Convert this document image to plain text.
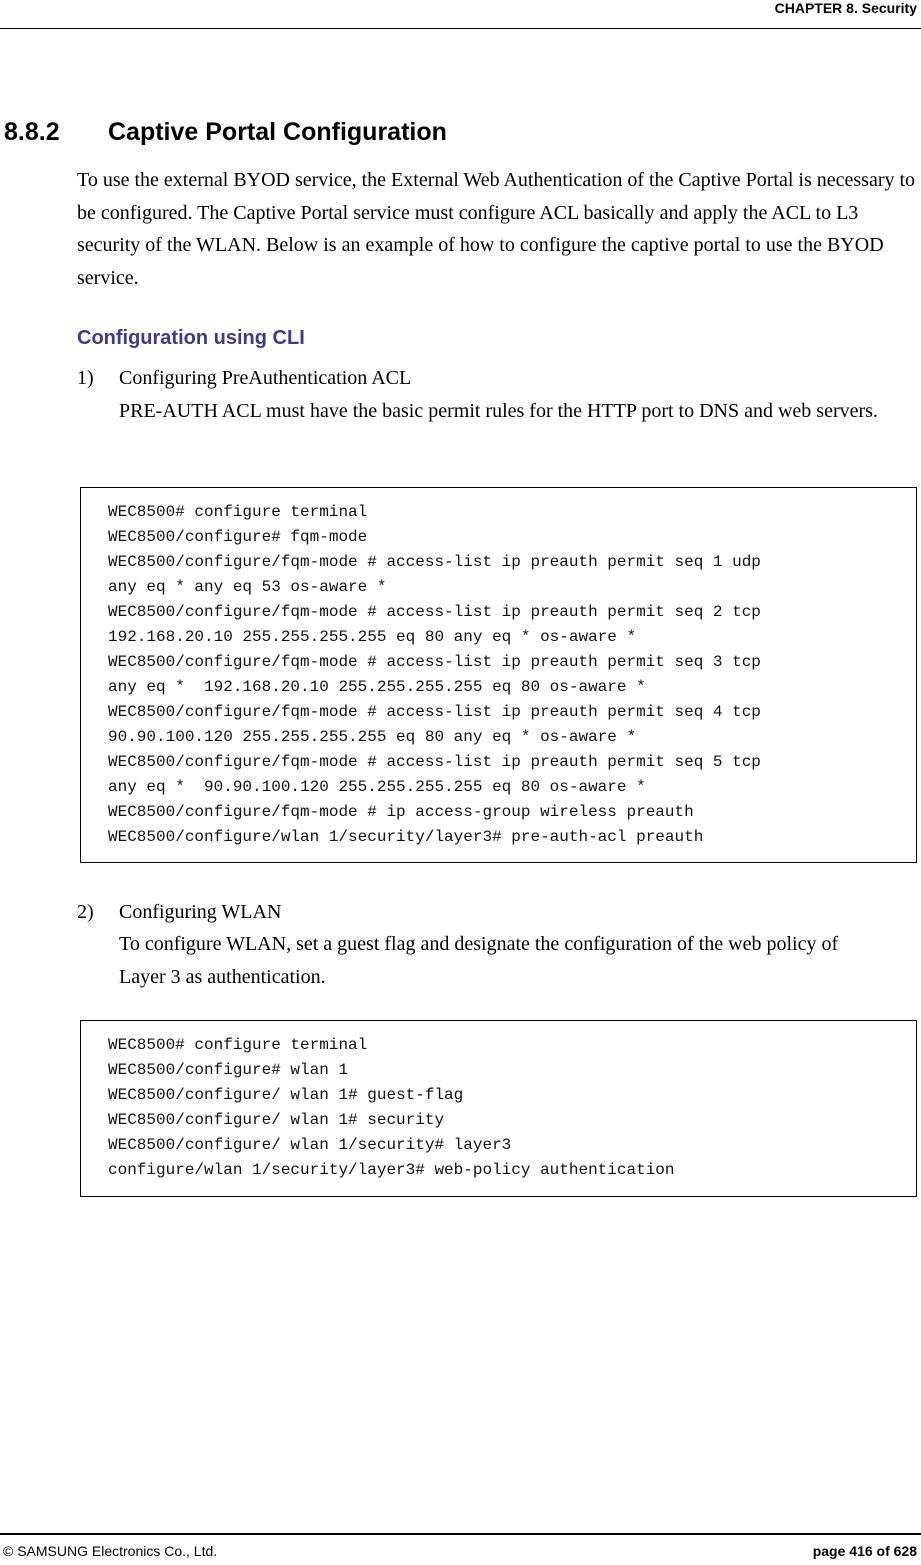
CHAPTER 8. Security
8.8.2 Captive Portal Configuration

To use the external BYOD service, the External Web Authentication of the Captive Portal is necessary to be configured. The Captive Portal service must configure ACL basically and apply the ACL to L3 security of the WLAN. Below is an example of how to configure the captive portal to use the BYOD service.

Configuration using CLI

1) Configuring PreAuthentication ACL

PRE-AUTH ACL must have the basic permit rules for the HTTP port to DNS and web servers.

WEC8500# configure terminal
WEC8500/configure# fqm-mode
WEC8500/configure/fqm-mode # access-list ip preauth permit seq 1 udp
any eq * any eq 53 os-aware *
WEC8500/configure/fqm-mode # access-list ip preauth permit seq 2 tcp
192.168.20.10 255.255.255.255 eq 80 any eq * os-aware *
WEC8500/configure/fqm-mode # access-list ip preauth permit seq 3 tcp
any eq *  192.168.20.10 255.255.255.255 eq 80 os-aware *
WEC8500/configure/fqm-mode # access-list ip preauth permit seq 4 tcp
90.90.100.120 255.255.255.255 eq 80 any eq * os-aware *
WEC8500/configure/fqm-mode # access-list ip preauth permit seq 5 tcp
any eq *  90.90.100.120 255.255.255.255 eq 80 os-aware *
WEC8500/configure/fqm-mode # ip access-group wireless preauth
WEC8500/configure/wlan 1/security/layer3# pre-auth-acl preauth

2) Configuring WLAN

To configure WLAN, set a guest flag and designate the configuration of the web policy of Layer 3 as authentication.

WEC8500# configure terminal
WEC8500/configure# wlan 1
WEC8500/configure/ wlan 1# guest-flag
WEC8500/configure/ wlan 1# security
WEC8500/configure/ wlan 1/security# layer3
configure/wlan 1/security/layer3# web-policy authentication
© SAMSUNG Electronics Co., Ltd.	page 416 of 628
